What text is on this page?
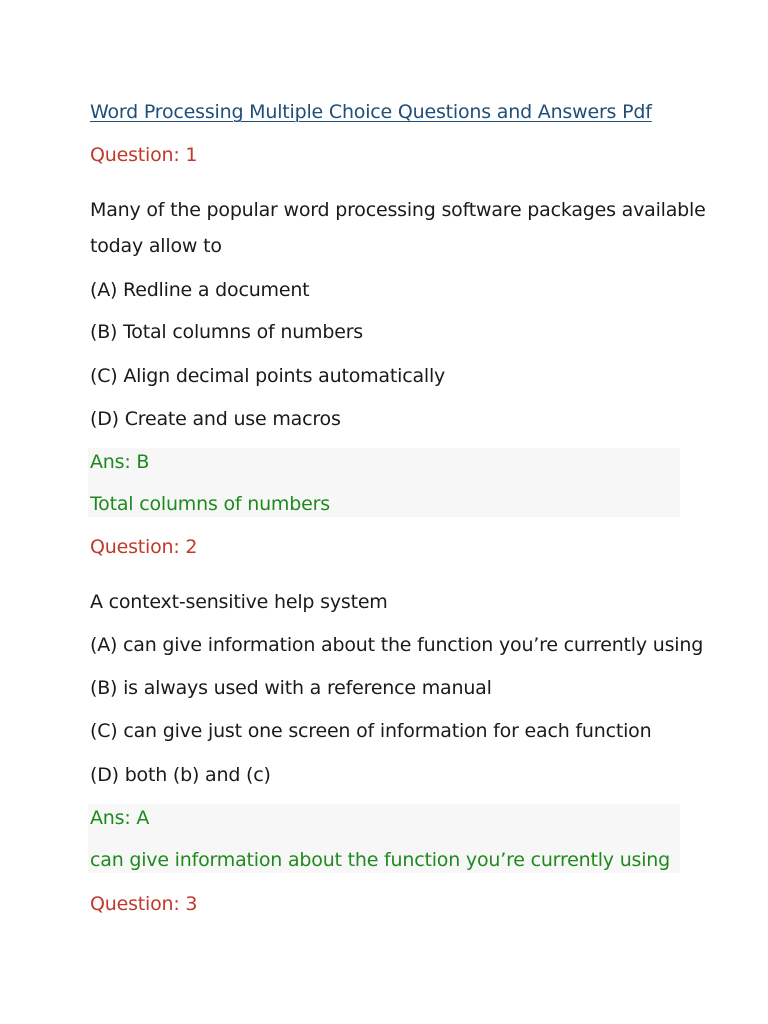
Word Processing Multiple Choice Questions and Answers Pdf
Question: 1
Many of the popular word processing software packages available
today allow to
(A) Redline a document
(B) Total columns of numbers
(C) Align decimal points automatically
(D) Create and use macros
Ans: B
Total columns of numbers
Question: 2
A context-sensitive help system
(A) can give information about the function you’re currently using
(B) is always used with a reference manual
(C) can give just one screen of information for each function
(D) both (b) and (c)
Ans: A
can give information about the function you’re currently using
Question: 3
